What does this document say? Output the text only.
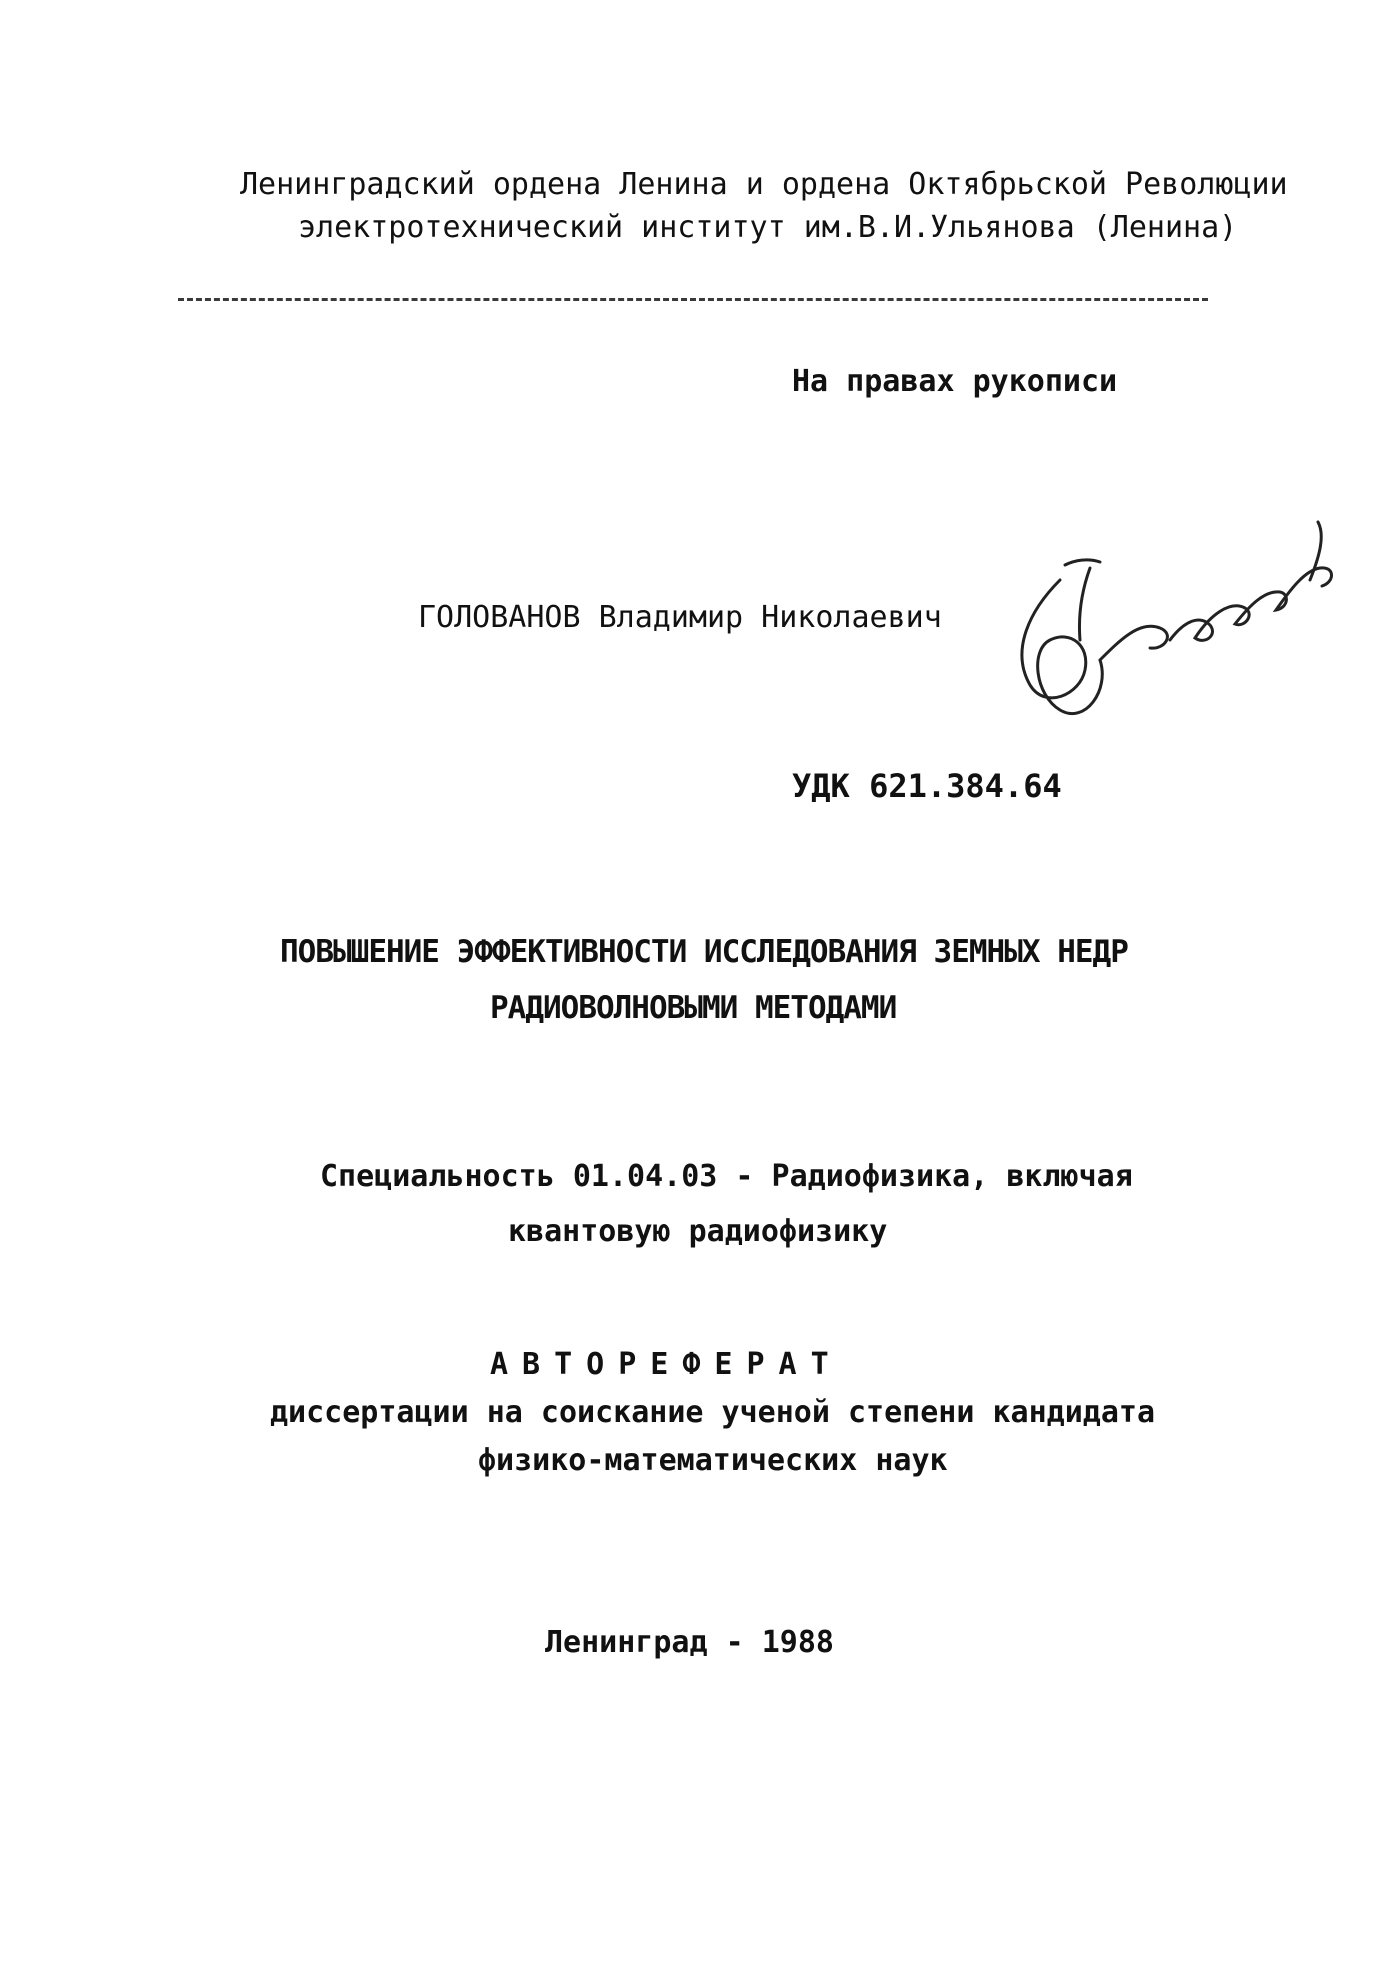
Ленинградский ордена Ленина и ордена Октябрьской Революции
электротехнический институт им.В.И.Ульянова (Ленина)
На правах рукописи
ГОЛОВАНОВ Владимир Николаевич
УДК 621.384.64
ПОВЫШЕНИЕ ЭФФЕКТИВНОСТИ ИССЛЕДОВАНИЯ ЗЕМНЫХ НЕДР
РАДИОВОЛНОВЫМИ МЕТОДАМИ
Специальность 01.04.03 - Радиофизика, включая
квантовую радиофизику
АВТОРЕФЕРАТ
диссертации на соискание ученой степени кандидата
физико-математических наук
Ленинград - 1988
